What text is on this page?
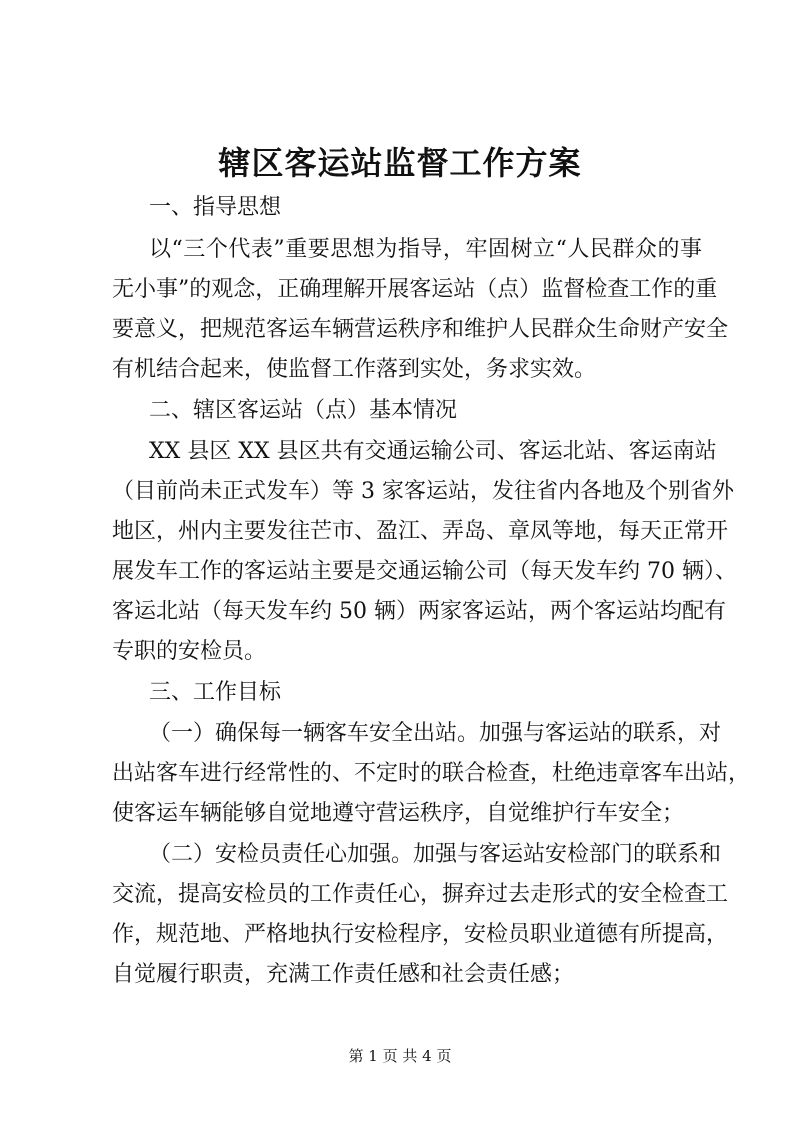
辖区客运站监督工作方案
一、指导思想
以“三个代表”重要思想为指导，牢固树立“人民群众的事
无小事”的观念，正确理解开展客运站（点）监督检查工作的重
要意义，把规范客运车辆营运秩序和维护人民群众生命财产安全
有机结合起来，使监督工作落到实处，务求实效。
二、辖区客运站（点）基本情况
XX 县区 XX 县区共有交通运输公司、客运北站、客运南站
（目前尚未正式发车）等 3 家客运站，发往省内各地及个别省外
地区，州内主要发往芒市、盈江、弄岛、章凤等地，每天正常开
展发车工作的客运站主要是交通运输公司（每天发车约 70 辆）、
客运北站（每天发车约 50 辆）两家客运站，两个客运站均配有
专职的安检员。
三、工作目标
（一）确保每一辆客车安全出站。加强与客运站的联系，对
出站客车进行经常性的、不定时的联合检查，杜绝违章客车出站，
使客运车辆能够自觉地遵守营运秩序，自觉维护行车安全；
（二）安检员责任心加强。加强与客运站安检部门的联系和
交流，提高安检员的工作责任心，摒弃过去走形式的安全检查工
作，规范地、严格地执行安检程序，安检员职业道德有所提高，
自觉履行职责，充满工作责任感和社会责任感；
第 1 页 共 4 页
